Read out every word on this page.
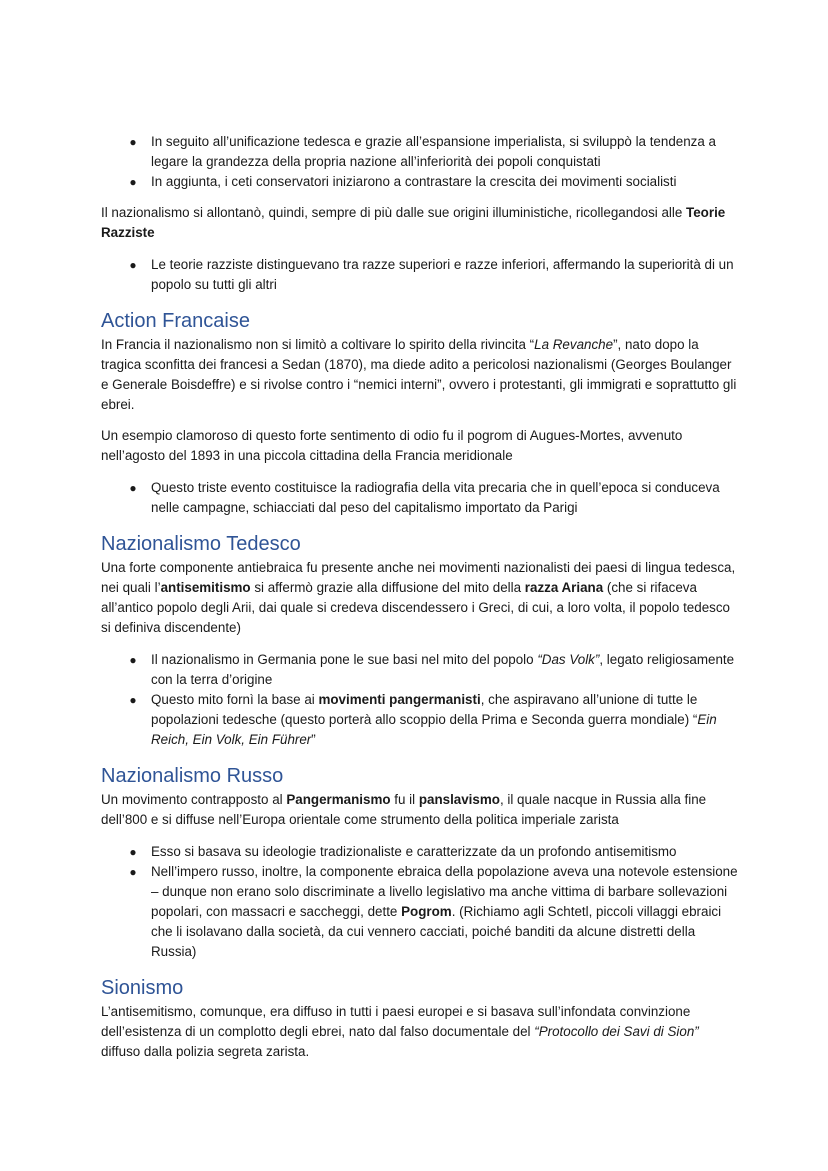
● In seguito all’unificazione tedesca e grazie all’espansione imperialista, si sviluppò la tendenza a legare la grandezza della propria nazione all’inferiorità dei popoli conquistati
● In aggiunta, i ceti conservatori iniziarono a contrastare la crescita dei movimenti socialisti

Il nazionalismo si allontanò, quindi, sempre di più dalle sue origini illuministiche, ricollegandosi alle Teorie Razziste

● Le teorie razziste distinguevano tra razze superiori e razze inferiori, affermando la superiorità di un popolo su tutti gli altri
Action Francaise

In Francia il nazionalismo non si limitò a coltivare lo spirito della rivincita “La Revanche”, nato dopo la tragica sconfitta dei francesi a Sedan (1870), ma diede adito a pericolosi nazionalismi (Georges Boulanger e Generale Boisdeffre) e si rivolse contro i “nemici interni”, ovvero i protestanti, gli immigrati e soprattutto gli ebrei.

Un esempio clamoroso di questo forte sentimento di odio fu il pogrom di Augues-Mortes, avvenuto nell’agosto del 1893 in una piccola cittadina della Francia meridionale

● Questo triste evento costituisce la radiografia della vita precaria che in quell’epoca si conduceva nelle campagne, schiacciati dal peso del capitalismo importato da Parigi
Nazionalismo Tedesco

Una forte componente antiebraica fu presente anche nei movimenti nazionalisti dei paesi di lingua tedesca, nei quali l’antisemitismo si affermò grazie alla diffusione del mito della razza Ariana (che si rifaceva all’antico popolo degli Arii, dai quale si credeva discendessero i Greci, di cui, a loro volta, il popolo tedesco si definiva discendente)

● Il nazionalismo in Germania pone le sue basi nel mito del popolo “Das Volk”, legato religiosamente con la terra d’origine
● Questo mito fornì la base ai movimenti pangermanisti, che aspiravano all’unione di tutte le popolazioni tedesche (questo porterà allo scoppio della Prima e Seconda guerra mondiale) “Ein Reich, Ein Volk, Ein Führer”
Nazionalismo Russo

Un movimento contrapposto al Pangermanismo fu il panslavismo, il quale nacque in Russia alla fine dell’800 e si diffuse nell’Europa orientale come strumento della politica imperiale zarista

● Esso si basava su ideologie tradizionaliste e caratterizzate da un profondo antisemitismo
● Nell’impero russo, inoltre, la componente ebraica della popolazione aveva una notevole estensione – dunque non erano solo discriminate a livello legislativo ma anche vittima di barbare sollevazioni popolari, con massacri e saccheggi, dette Pogrom. (Richiamo agli Schtetl, piccoli villaggi ebraici che li isolavano dalla società, da cui vennero cacciati, poiché banditi da alcune distretti della Russia)
Sionismo

L’antisemitismo, comunque, era diffuso in tutti i paesi europei e si basava sull’infondata convinzione dell’esistenza di un complotto degli ebrei, nato dal falso documentale del “Protocollo dei Savi di Sion” diffuso dalla polizia segreta zarista.
